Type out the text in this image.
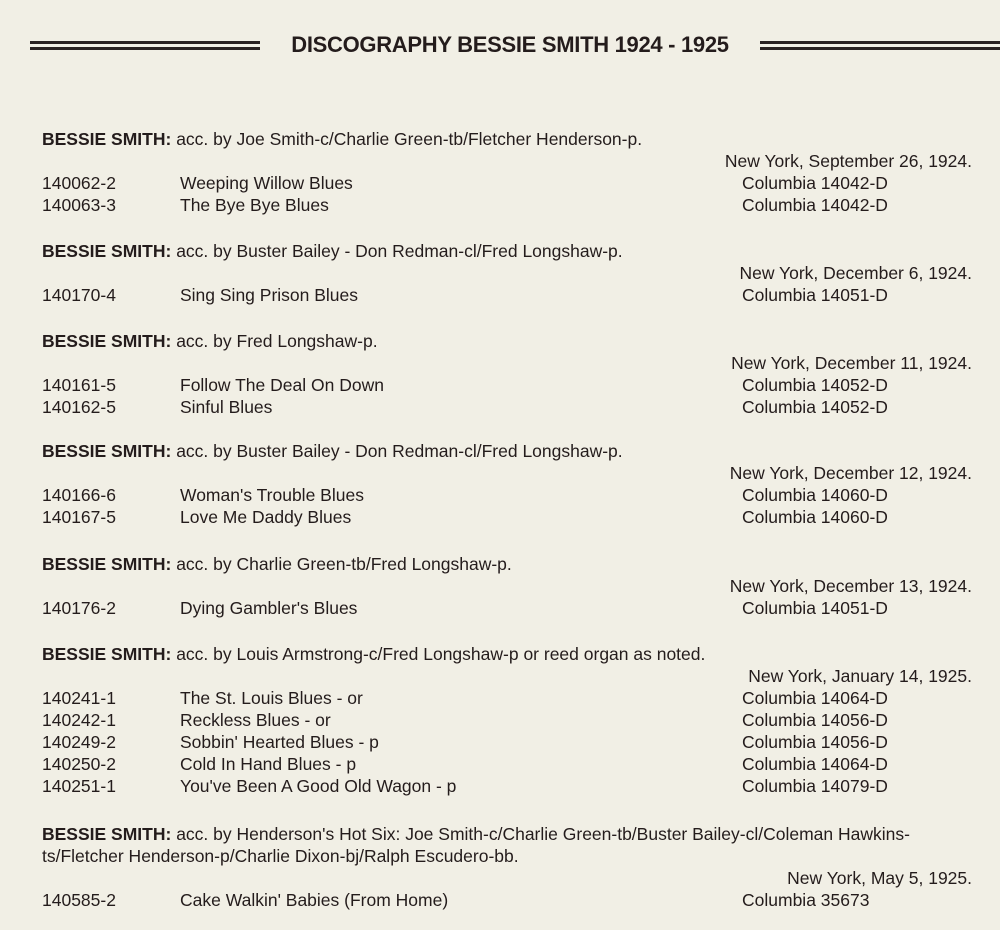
DISCOGRAPHY BESSIE SMITH 1924 - 1925
BESSIE SMITH: acc. by Joe Smith-c/Charlie Green-tb/Fletcher Henderson-p.
New York, September 26, 1924.
140062-2	Weeping Willow Blues	Columbia 14042-D
140063-3	The Bye Bye Blues	Columbia 14042-D
BESSIE SMITH: acc. by Buster Bailey - Don Redman-cl/Fred Longshaw-p.
New York, December 6, 1924.
140170-4	Sing Sing Prison Blues	Columbia 14051-D
BESSIE SMITH: acc. by Fred Longshaw-p.
New York, December 11, 1924.
140161-5	Follow The Deal On Down	Columbia 14052-D
140162-5	Sinful Blues	Columbia 14052-D
BESSIE SMITH: acc. by Buster Bailey - Don Redman-cl/Fred Longshaw-p.
New York, December 12, 1924.
140166-6	Woman's Trouble Blues	Columbia 14060-D
140167-5	Love Me Daddy Blues	Columbia 14060-D
BESSIE SMITH: acc. by Charlie Green-tb/Fred Longshaw-p.
New York, December 13, 1924.
140176-2	Dying Gambler's Blues	Columbia 14051-D
BESSIE SMITH: acc. by Louis Armstrong-c/Fred Longshaw-p or reed organ as noted.
New York, January 14, 1925.
140241-1	The St. Louis Blues - or	Columbia 14064-D
140242-1	Reckless Blues - or	Columbia 14056-D
140249-2	Sobbin' Hearted Blues - p	Columbia 14056-D
140250-2	Cold In Hand Blues - p	Columbia 14064-D
140251-1	You've Been A Good Old Wagon - p	Columbia 14079-D
BESSIE SMITH: acc. by Henderson's Hot Six: Joe Smith-c/Charlie Green-tb/Buster Bailey-cl/Coleman Hawkins-ts/Fletcher Henderson-p/Charlie Dixon-bj/Ralph Escudero-bb.
New York, May 5, 1925.
140585-2	Cake Walkin' Babies (From Home)	Columbia 35673
